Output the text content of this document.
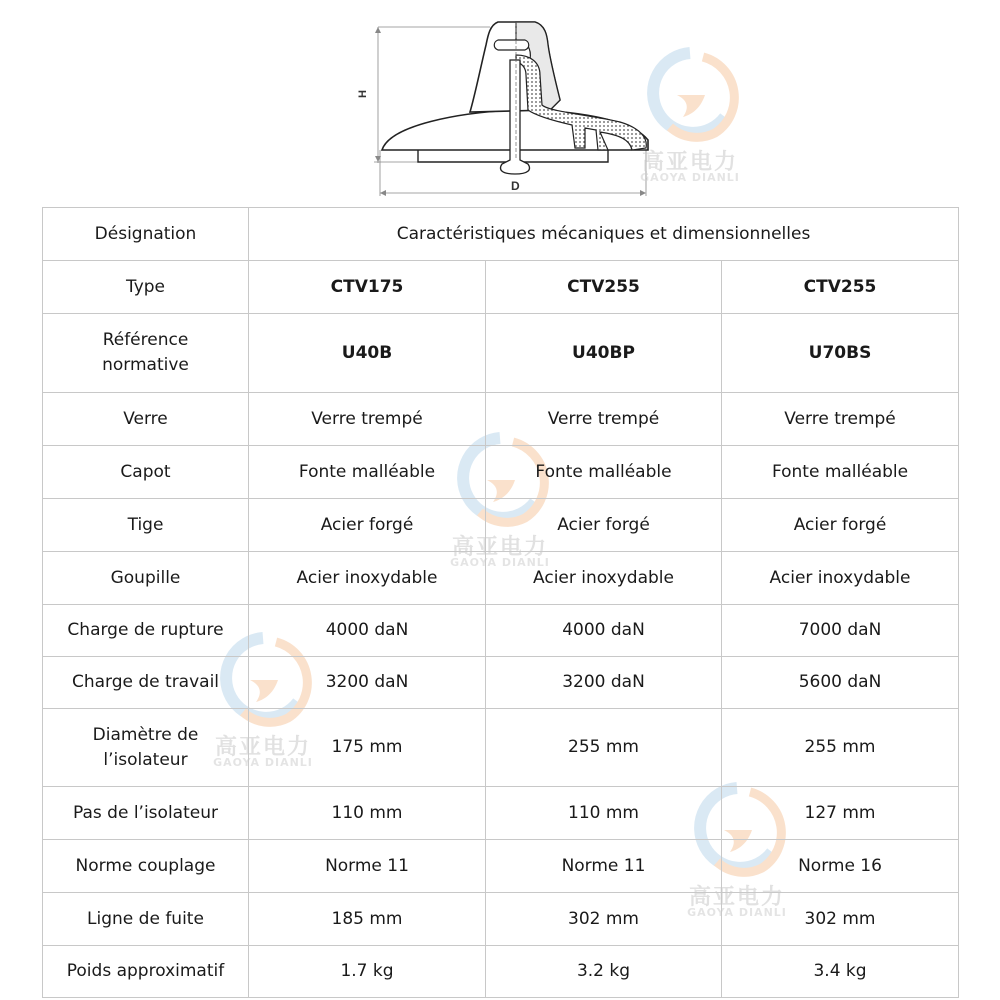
H
D
高亚电力
GAOYA DIANLI
高亚电力
GAOYA DIANLI
高亚电力
GAOYA DIANLI
高亚电力
GAOYA DIANLI
Désignation	Caractéristiques mécaniques et dimensionnelles		
Type	CTV175	CTV255	CTV255
Référence normative	U40B	U40BP	U70BS
Verre	Verre trempé	Verre trempé	Verre trempé
Capot	Fonte malléable	Fonte malléable	Fonte malléable
Tige	Acier forgé	Acier forgé	Acier forgé
Goupille	Acier inoxydable	Acier inoxydable	Acier inoxydable
Charge de rupture	4000 daN	4000 daN	7000 daN
Charge de travail	3200 daN	3200 daN	5600 daN
Diamètre de l’isolateur	175 mm	255 mm	255 mm
Pas de l’isolateur	110 mm	110 mm	127 mm
Norme couplage	Norme 11	Norme 11	Norme 16
Ligne de fuite	185 mm	302 mm	302 mm
Poids approximatif	1.7 kg	3.2 kg	3.4 kg
